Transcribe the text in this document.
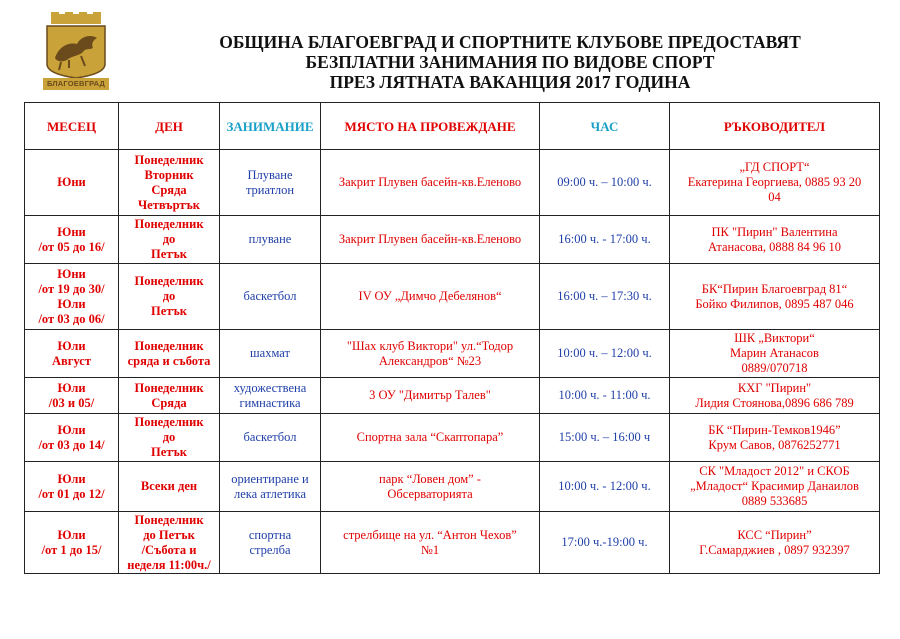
БЛАГОЕВГРАД
ОБЩИНА БЛАГОЕВГРАД И СПОРТНИТЕ КЛУБОВЕ ПРЕДОСТАВЯТ
БЕЗПЛАТНИ ЗАНИМАНИЯ ПО ВИДОВЕ СПОРТ
ПРЕЗ ЛЯТНАТА ВАКАНЦИЯ 2017 ГОДИНА
МЕСЕЦ	ДЕН	ЗАНИМАНИЕ	МЯСТО НА ПРОВЕЖДАНЕ	ЧАС	РЪКОВОДИТЕЛ
Юни	Понеделник
Вторник
Сряда
Четвъртък	Плуване
триатлон	Закрит Плувен басейн-кв.Еленово	09:00 ч. – 10:00 ч.	„ГД СПОРТ“
Екатерина Георгиева, 0885 93 20
04
Юни
/от 05 до 16/	Понеделник
до
Петък	плуване	Закрит Плувен басейн-кв.Еленово	16:00 ч. - 17:00 ч.	ПК "Пирин" Валентина
Атанасова, 0888 84 96 10
Юни
/от 19 до 30/
Юли
/от 03 до 06/	Понеделник
до
Петък	баскетбол	IV ОУ „Димчо Дебелянов“	16:00 ч. – 17:30 ч.	БК“Пирин Благоевград 81“
Бойко Филипов, 0895 487 046
Юли
Август	Понеделник
сряда и събота	шахмат	"Шах клуб Виктори" ул.“Тодор
Александров“ №23	10:00 ч. – 12:00 ч.	ШК „Виктори“
Марин Атанасов
0889/070718
Юли
/03 и 05/	Понеделник
Сряда	художествена
гимнастика	3 ОУ "Димитър Талев"	10:00 ч. - 11:00 ч.	КХГ "Пирин"
Лидия Стоянова,0896 686 789
Юли
/от 03 до 14/	Понеделник
до
Петък	баскетбол	Спортна зала “Скаптопара”	15:00 ч. – 16:00 ч	БК “Пирин-Темков1946”
Крум Савов, 0876252771
Юли
/от 01 до 12/	Всеки ден	ориентиране и
лека атлетика	парк “Ловен дом” -
Обсерваторията	10:00 ч. - 12:00 ч.	СК "Младост 2012" и СКОБ
„Младост“ Красимир Данаилов
0889 533685
Юли
/от 1 до 15/	Понеделник
до Петък
/Събота и
неделя 11:00ч./	спортна
стрелба	стрелбище на ул. “Антон Чехов”
№1	17:00 ч.-19:00 ч.	КСС “Пирин”
Г.Самарджиев , 0897 932397
